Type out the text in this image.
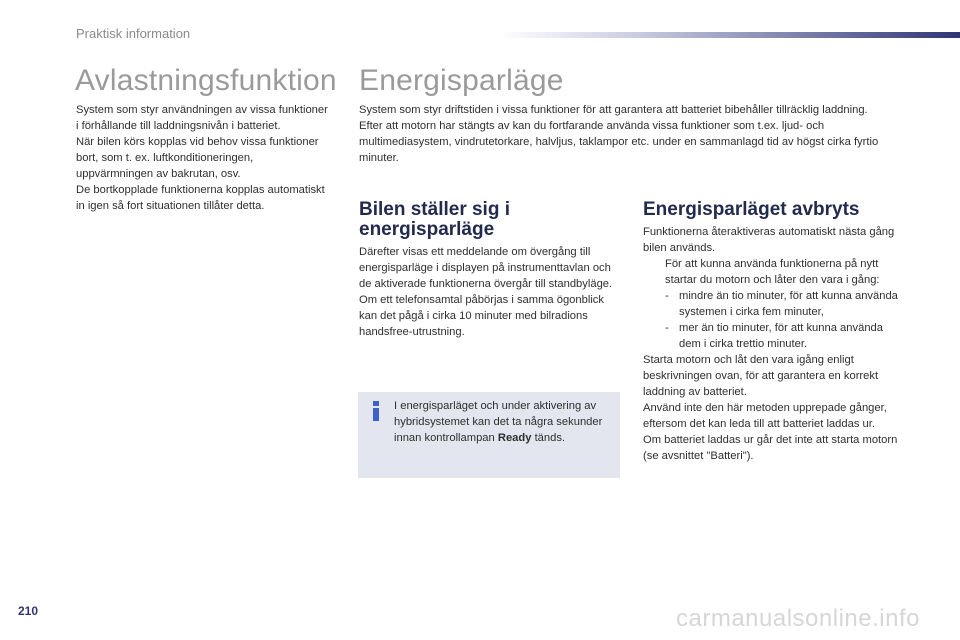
Praktisk information
Avlastningsfunktion

System som styr användningen av vissa funktioner i förhållande till laddningsnivån i batteriet.

När bilen körs kopplas vid behov vissa funktioner bort, som t. ex. luftkonditioneringen, uppvärmningen av bakrutan, osv.

De bortkopplade funktionerna kopplas automatiskt in igen så fort situationen tillåter detta.

Energisparläge

System som styr driftstiden i vissa funktioner för att garantera att batteriet bibehåller tillräcklig laddning.

Efter att motorn har stängts av kan du fortfarande använda vissa funktioner som t.ex. ljud- och multimediasystem, vindrutetorkare, halvljus, taklampor etc. under en sammanlagd tid av högst cirka fyrtio minuter.

Bilen ställer sig i energisparläge

Därefter visas ett meddelande om övergång till energisparläge i displayen på instrumenttavlan och de aktiverade funktionerna övergår till standbyläge.

Om ett telefonsamtal påbörjas i samma ögonblick kan det pågå i cirka 10 minuter med bilradions handsfree-utrustning.

I energisparläget och under aktivering av hybridsystemet kan det ta några sekunder innan kontrollampan Ready tänds.
Energisparläget avbryts

Funktionerna återaktiveras automatiskt nästa gång bilen används.

För att kunna använda funktionerna på nytt startar du motorn och låter den vara i gång:
- mindre än tio minuter, för att kunna använda systemen i cirka fem minuter,
- mer än tio minuter, för att kunna använda dem i cirka trettio minuter.

Starta motorn och låt den vara igång enligt beskrivningen ovan, för att garantera en korrekt laddning av batteriet.

Använd inte den här metoden upprepade gånger, eftersom det kan leda till att batteriet laddas ur.

Om batteriet laddas ur går det inte att starta motorn (se avsnittet "Batteri").

210	carmanualsonline.info
